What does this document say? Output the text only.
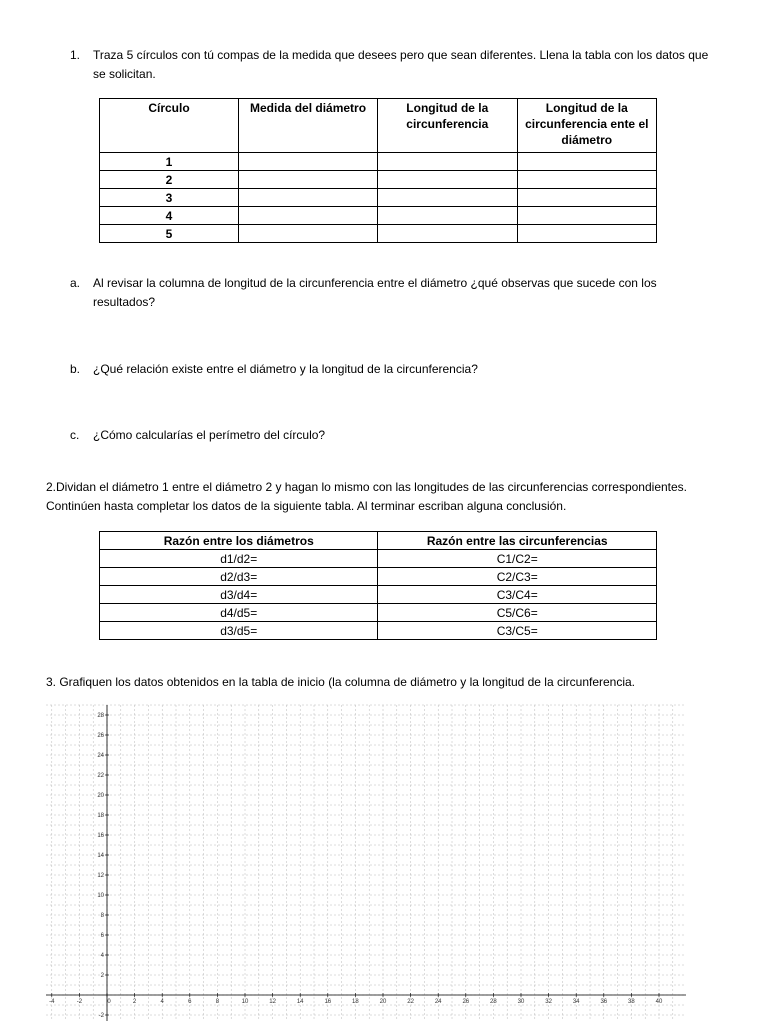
1. Traza 5 círculos con tú compas de la medida que desees pero que sean diferentes. Llena la tabla con los datos que se solicitan.
Círculo	Medida del diámetro	Longitud de la circunferencia	Longitud de la circunferencia ente el diámetro
1			
2			
3			
4			
5			
a. Al revisar la columna de longitud de la circunferencia entre el diámetro ¿qué observas que sucede con los resultados?
b. ¿Qué relación existe entre el diámetro y la longitud de la circunferencia?
c. ¿Cómo calcularías el perímetro del círculo?
2.Dividan el diámetro 1 entre el diámetro 2 y hagan lo mismo con las longitudes de las circunferencias correspondientes. Continúen hasta completar los datos de la siguiente tabla. Al terminar escriban alguna conclusión.
Razón entre los diámetros	Razón entre las circunferencias
d1/d2=	C1/C2=
d2/d3=	C2/C3=
d3/d4=	C3/C4=
d4/d5=	C5/C6=
d3/d5=	C3/C5=
3. Grafiquen los datos obtenidos en la tabla de inicio (la columna de diámetro y la longitud de la circunferencia.
-4	-2	0	2	4	6	8	10	12	14	16	18	20	22	24	26	28	30	32	34	36	38	40
28
26
24
22
20
18
16
14
12
10
8
6
4
2
-2
